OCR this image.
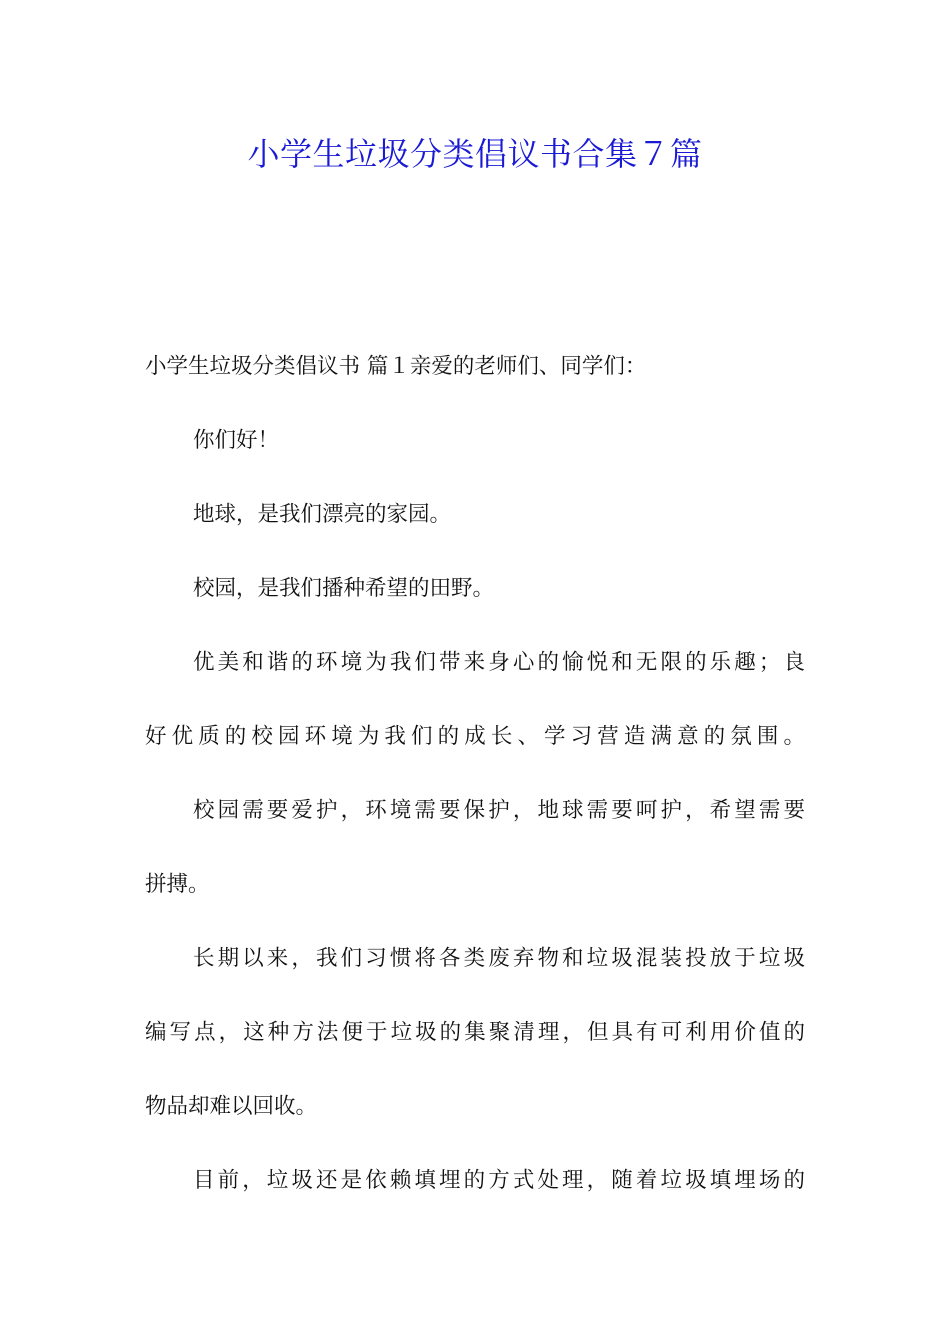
小学生垃圾分类倡议书合集７篇
小学生垃圾分类倡议书 篇１亲爱的老师们、同学们：
你们好！
地球，是我们漂亮的家园。
校园，是我们播种希望的田野。
优美和谐的环境为我们带来身心的愉悦和无限的乐趣；良
好优质的校园环境为我们的成长、学习营造满意的氛围。
校园需要爱护，环境需要保护，地球需要呵护，希望需要
拼搏。
长期以来，我们习惯将各类废弃物和垃圾混装投放于垃圾
编写点，这种方法便于垃圾的集聚清理，但具有可利用价值的
物品却难以回收。
目前，垃圾还是依赖填埋的方式处理，随着垃圾填埋场的
